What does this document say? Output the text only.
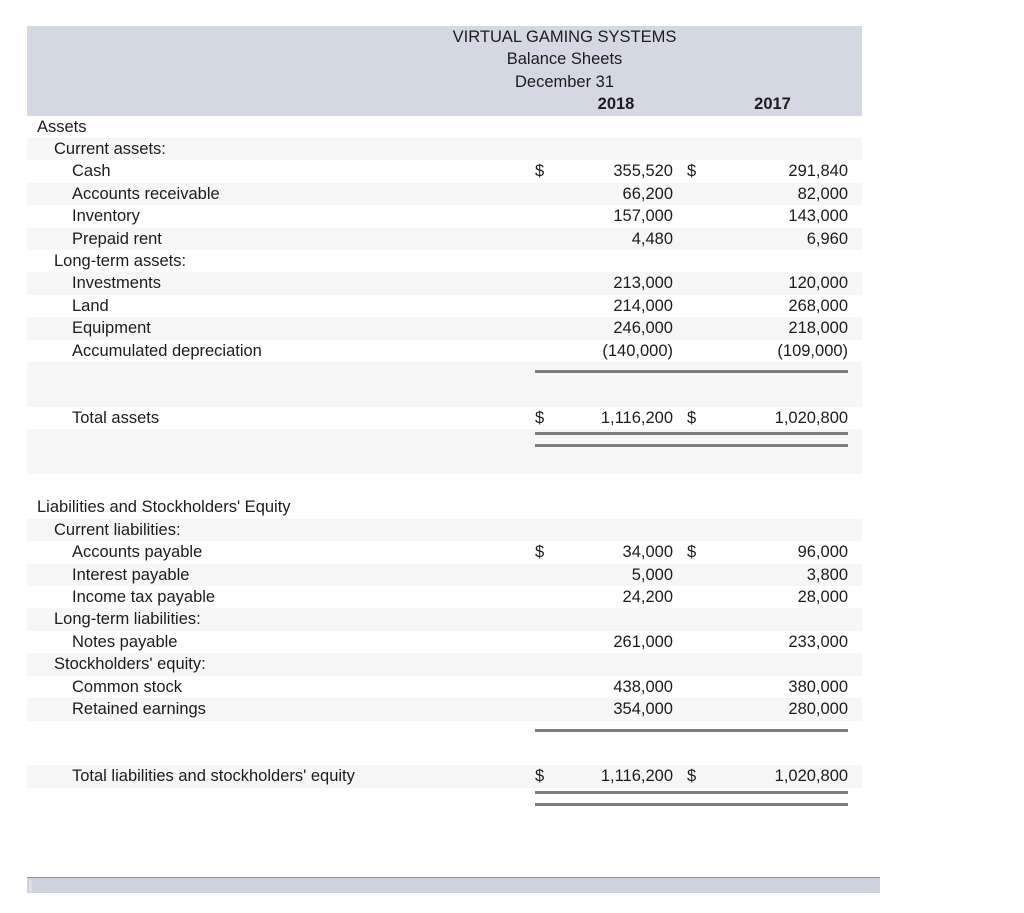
VIRTUAL GAMING SYSTEMS				
Balance Sheets				
December 31				
		2018		2017
Assets				
Current assets:				
Cash	$	355,520	$	291,840
Accounts receivable		66,200		82,000
Inventory		157,000		143,000
Prepaid rent		4,480		6,960
Long-term assets:				
Investments		213,000		120,000
Land		214,000		268,000
Equipment		246,000		218,000
Accumulated depreciation		(140,000)		(109,000)

Total assets	$	1,116,200	$	1,020,800

Liabilities and Stockholders' Equity				
Current liabilities:				
Accounts payable	$	34,000	$	96,000
Interest payable		5,000		3,800
Income tax payable		24,200		28,000
Long-term liabilities:				
Notes payable		261,000		233,000
Stockholders' equity:				
Common stock		438,000		380,000
Retained earnings		354,000		280,000

Total liabilities and stockholders' equity	$	1,116,200	$	1,020,800
